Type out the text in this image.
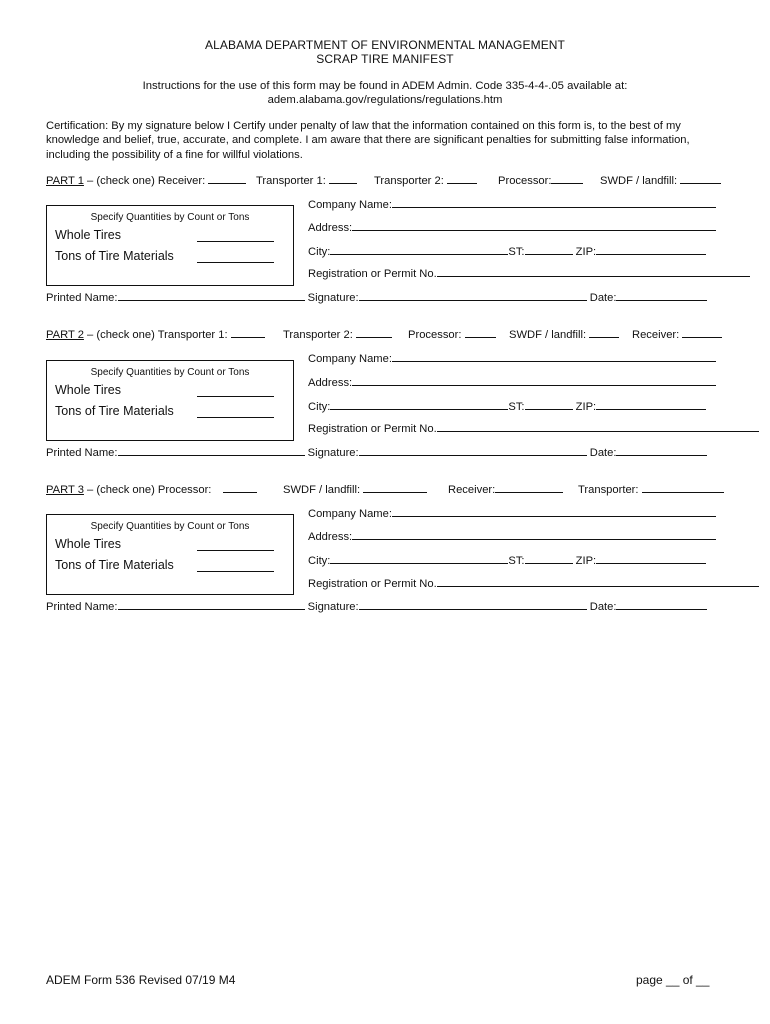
ALABAMA DEPARTMENT OF ENVIRONMENTAL MANAGEMENT
SCRAP TIRE MANIFEST
Instructions for the use of this form may be found in ADEM Admin. Code 335-4-4-.05 available at:
adem.alabama.gov/regulations/regulations.htm
Certification: By my signature below I Certify under penalty of law that the information contained on this form is, to the best of my knowledge and belief, true, accurate, and complete. I am aware that there are significant penalties for submitting false information, including the possibility of a fine for willful violations.
PART 1 – (check one) Receiver:	Transporter 1:	Transporter 2:	Processor:	SWDF / landfill:
Specify Quantities by Count or Tons
Whole Tires
Tons of Tire Materials
Company Name:
Address:
City:	ST:	ZIP:
Registration or Permit No.
Printed Name:	Signature:	Date:
PART 2 – (check one) Transporter 1:	Transporter 2:	Processor:	SWDF / landfill:	Receiver:
Specify Quantities by Count or Tons
Whole Tires
Tons of Tire Materials
Company Name:
Address:
City:	ST:	ZIP:
Registration or Permit No.
Printed Name:	Signature:	Date:
PART 3 – (check one) Processor:	SWDF / landfill:	Receiver:	Transporter:
Specify Quantities by Count or Tons
Whole Tires
Tons of Tire Materials
Company Name:
Address:
City:	ST:	ZIP:
Registration or Permit No.
Printed Name:	Signature:	Date:
ADEM Form 536 Revised 07/19 M4	page __ of __
